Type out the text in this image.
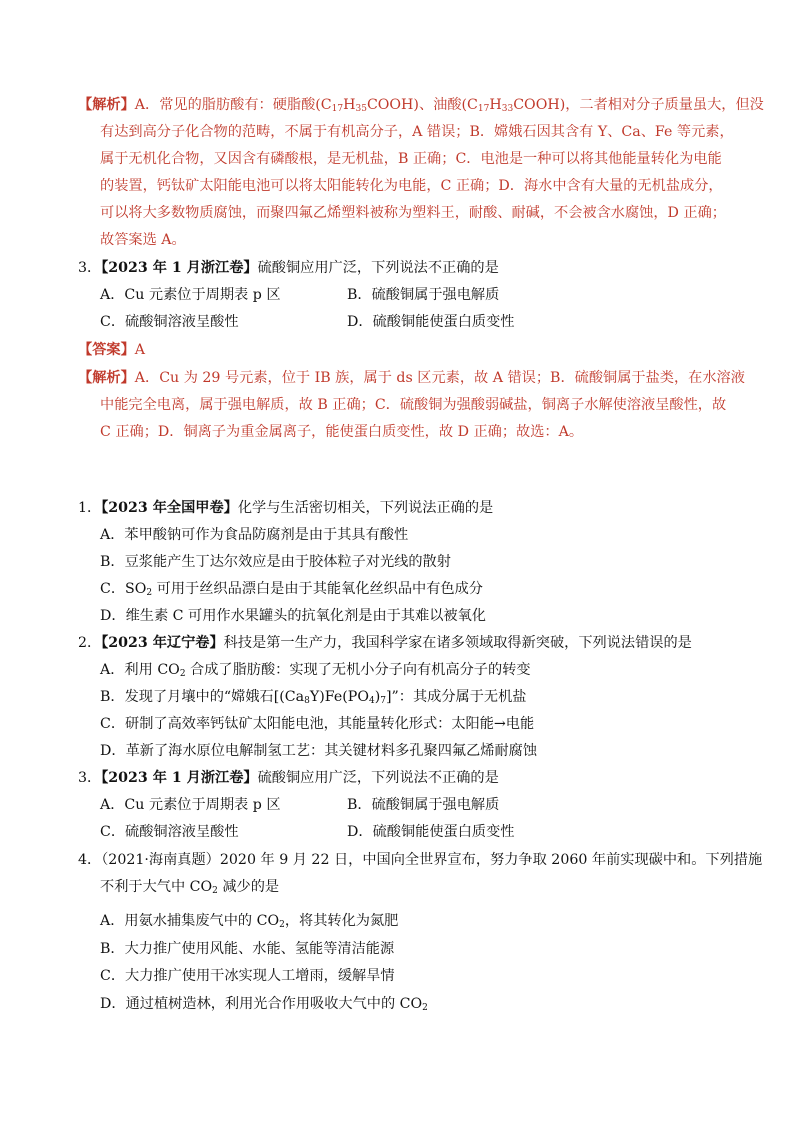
【解析】A．常见的脂肪酸有：硬脂酸$(C_{17}H_{35}COOH)$、油酸$(C_{17}H_{33}COOH)$，二者相对分子质量虽大，但没
有达到高分子化合物的范畴，不属于有机高分子，A 错误；B．嫦娥石因其含有 Y、Ca、Fe 等元素，
属于无机化合物，又因含有磷酸根，是无机盐，B 正确；C．电池是一种可以将其他能量转化为电能
的装置，钙钛矿太阳能电池可以将太阳能转化为电能，C 正确；D．海水中含有大量的无机盐成分，
可以将大多数物质腐蚀，而聚四氟乙烯塑料被称为塑料王，耐酸、耐碱，不会被含水腐蚀，D 正确；
故答案选 A。
3．【2023 年 1 月浙江卷】硫酸铜应用广泛，下列说法不正确的是
A．Cu 元素位于周期表 p 区	B．硫酸铜属于强电解质
C．硫酸铜溶液呈酸性	D．硫酸铜能使蛋白质变性
【答案】A
【解析】A．Cu 为 29 号元素，位于 IB 族，属于 ds 区元素，故 A 错误；B．硫酸铜属于盐类，在水溶液
中能完全电离，属于强电解质，故 B 正确；C．硫酸铜为强酸弱碱盐，铜离子水解使溶液呈酸性，故
C 正确；D．铜离子为重金属离子，能使蛋白质变性，故 D 正确；故选：A。
1．【2023 年全国甲卷】化学与生活密切相关，下列说法正确的是
A．苯甲酸钠可作为食品防腐剂是由于其具有酸性
B．豆浆能产生丁达尔效应是由于胶体粒子对光线的散射
C．$SO_2$ 可用于丝织品漂白是由于其能氧化丝织品中有色成分
D．维生素 C 可用作水果罐头的抗氧化剂是由于其难以被氧化
2．【2023 年辽宁卷】科技是第一生产力，我国科学家在诸多领域取得新突破，下列说法错误的是
A．利用 $CO_2$ 合成了脂肪酸：实现了无机小分子向有机高分子的转变
B．发现了月壤中的“嫦娥石$[(Ca_8Y)Fe(PO_4)_7]$”：其成分属于无机盐
C．研制了高效率钙钛矿太阳能电池，其能量转化形式：太阳能→电能
D．革新了海水原位电解制氢工艺：其关键材料多孔聚四氟乙烯耐腐蚀
3．【2023 年 1 月浙江卷】硫酸铜应用广泛，下列说法不正确的是
A．Cu 元素位于周期表 p 区	B．硫酸铜属于强电解质
C．硫酸铜溶液呈酸性	D．硫酸铜能使蛋白质变性
4．（2021·海南真题）2020 年 9 月 22 日，中国向全世界宣布，努力争取 2060 年前实现碳中和。下列措施
不利于大气中 $CO_2$ 减少的是
A．用氨水捕集废气中的 $CO_2$，将其转化为氮肥
B．大力推广使用风能、水能、氢能等清洁能源
C．大力推广使用干冰实现人工增雨，缓解旱情
D．通过植树造林，利用光合作用吸收大气中的 $CO_2$
